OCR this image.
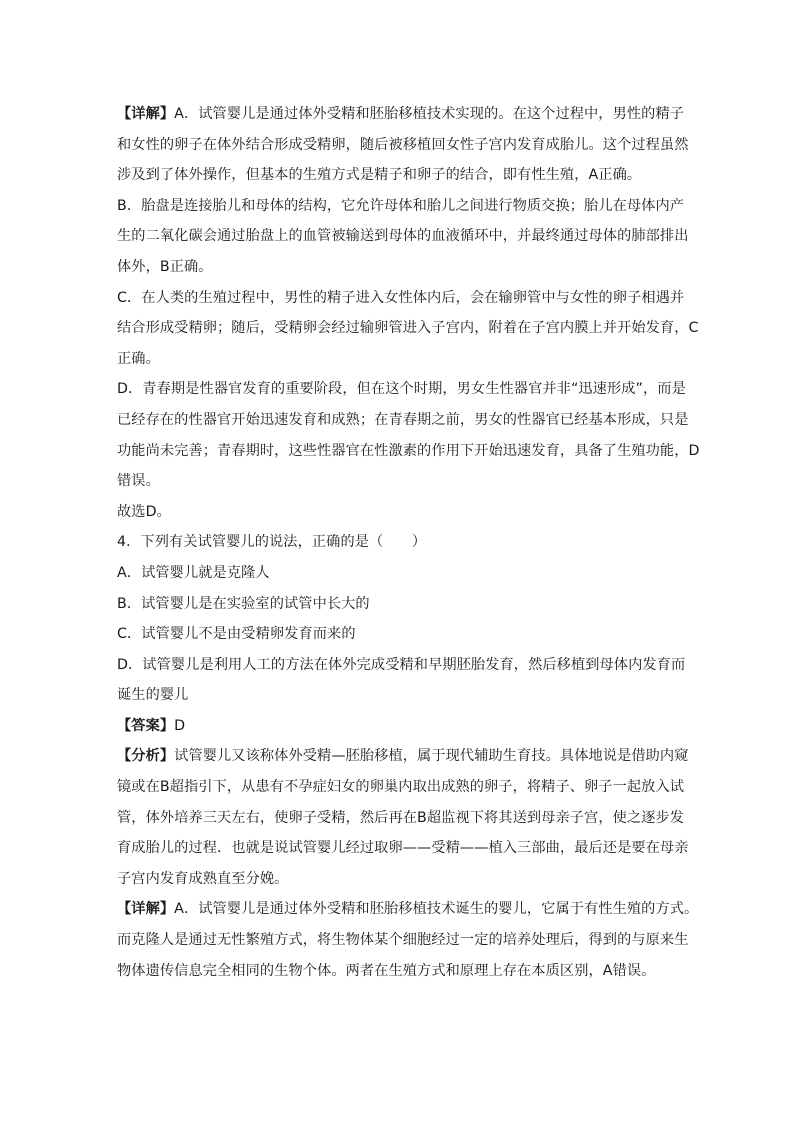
【详解】A．试管婴儿是通过体外受精和胚胎移植技术实现的。在这个过程中，男性的精子
和女性的卵子在体外结合形成受精卵，随后被移植回女性子宫内发育成胎儿。这个过程虽然
涉及到了体外操作，但基本的生殖方式是精子和卵子的结合，即有性生殖，A正确。
B．胎盘是连接胎儿和母体的结构，它允许母体和胎儿之间进行物质交换；胎儿在母体内产
生的二氧化碳会通过胎盘上的血管被输送到母体的血液循环中，并最终通过母体的肺部排出
体外，B正确。
C．在人类的生殖过程中，男性的精子进入女性体内后，会在输卵管中与女性的卵子相遇并
结合形成受精卵；随后，受精卵会经过输卵管进入子宫内，附着在子宫内膜上并开始发育，C
正确。
D．青春期是性器官发育的重要阶段，但在这个时期，男女生性器官并非“迅速形成”，而是
已经存在的性器官开始迅速发育和成熟；在青春期之前，男女的性器官已经基本形成，只是
功能尚未完善；青春期时，这些性器官在性激素的作用下开始迅速发育，具备了生殖功能，D
错误。
故选D。
4．下列有关试管婴儿的说法，正确的是（　　）
A．试管婴儿就是克隆人
B．试管婴儿是在实验室的试管中长大的
C．试管婴儿不是由受精卵发育而来的
D．试管婴儿是利用人工的方法在体外完成受精和早期胚胎发育，然后移植到母体内发育而
诞生的婴儿
【答案】D
【分析】试管婴儿又该称体外受精—胚胎移植，属于现代辅助生育技。具体地说是借助内窥
镜或在B超指引下，从患有不孕症妇女的卵巢内取出成熟的卵子，将精子、卵子一起放入试
管，体外培养三天左右，使卵子受精，然后再在B超监视下将其送到母亲子宫，使之逐步发
育成胎儿的过程．也就是说试管婴儿经过取卵——受精——植入三部曲，最后还是要在母亲
子宫内发育成熟直至分娩。
【详解】A．试管婴儿是通过体外受精和胚胎移植技术诞生的婴儿，它属于有性生殖的方式。
而克隆人是通过无性繁殖方式，将生物体某个细胞经过一定的培养处理后，得到的与原来生
物体遗传信息完全相同的生物个体。两者在生殖方式和原理上存在本质区别，A错误。
